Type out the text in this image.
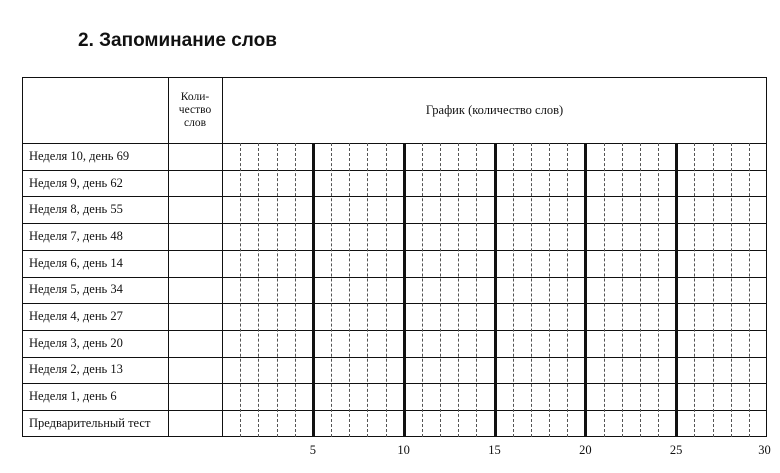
2. Запоминание слов
Коли-
чество
слов
График (количество слов)
Неделя 10, день 69
Неделя 9, день 62
Неделя 8, день 55
Неделя 7, день 48
Неделя 6, день 14
Неделя 5, день 34
Неделя 4, день 27
Неделя 3, день 20
Неделя 2, день 13
Неделя 1, день 6
Предварительный тест
5	10	15	20	25	30
